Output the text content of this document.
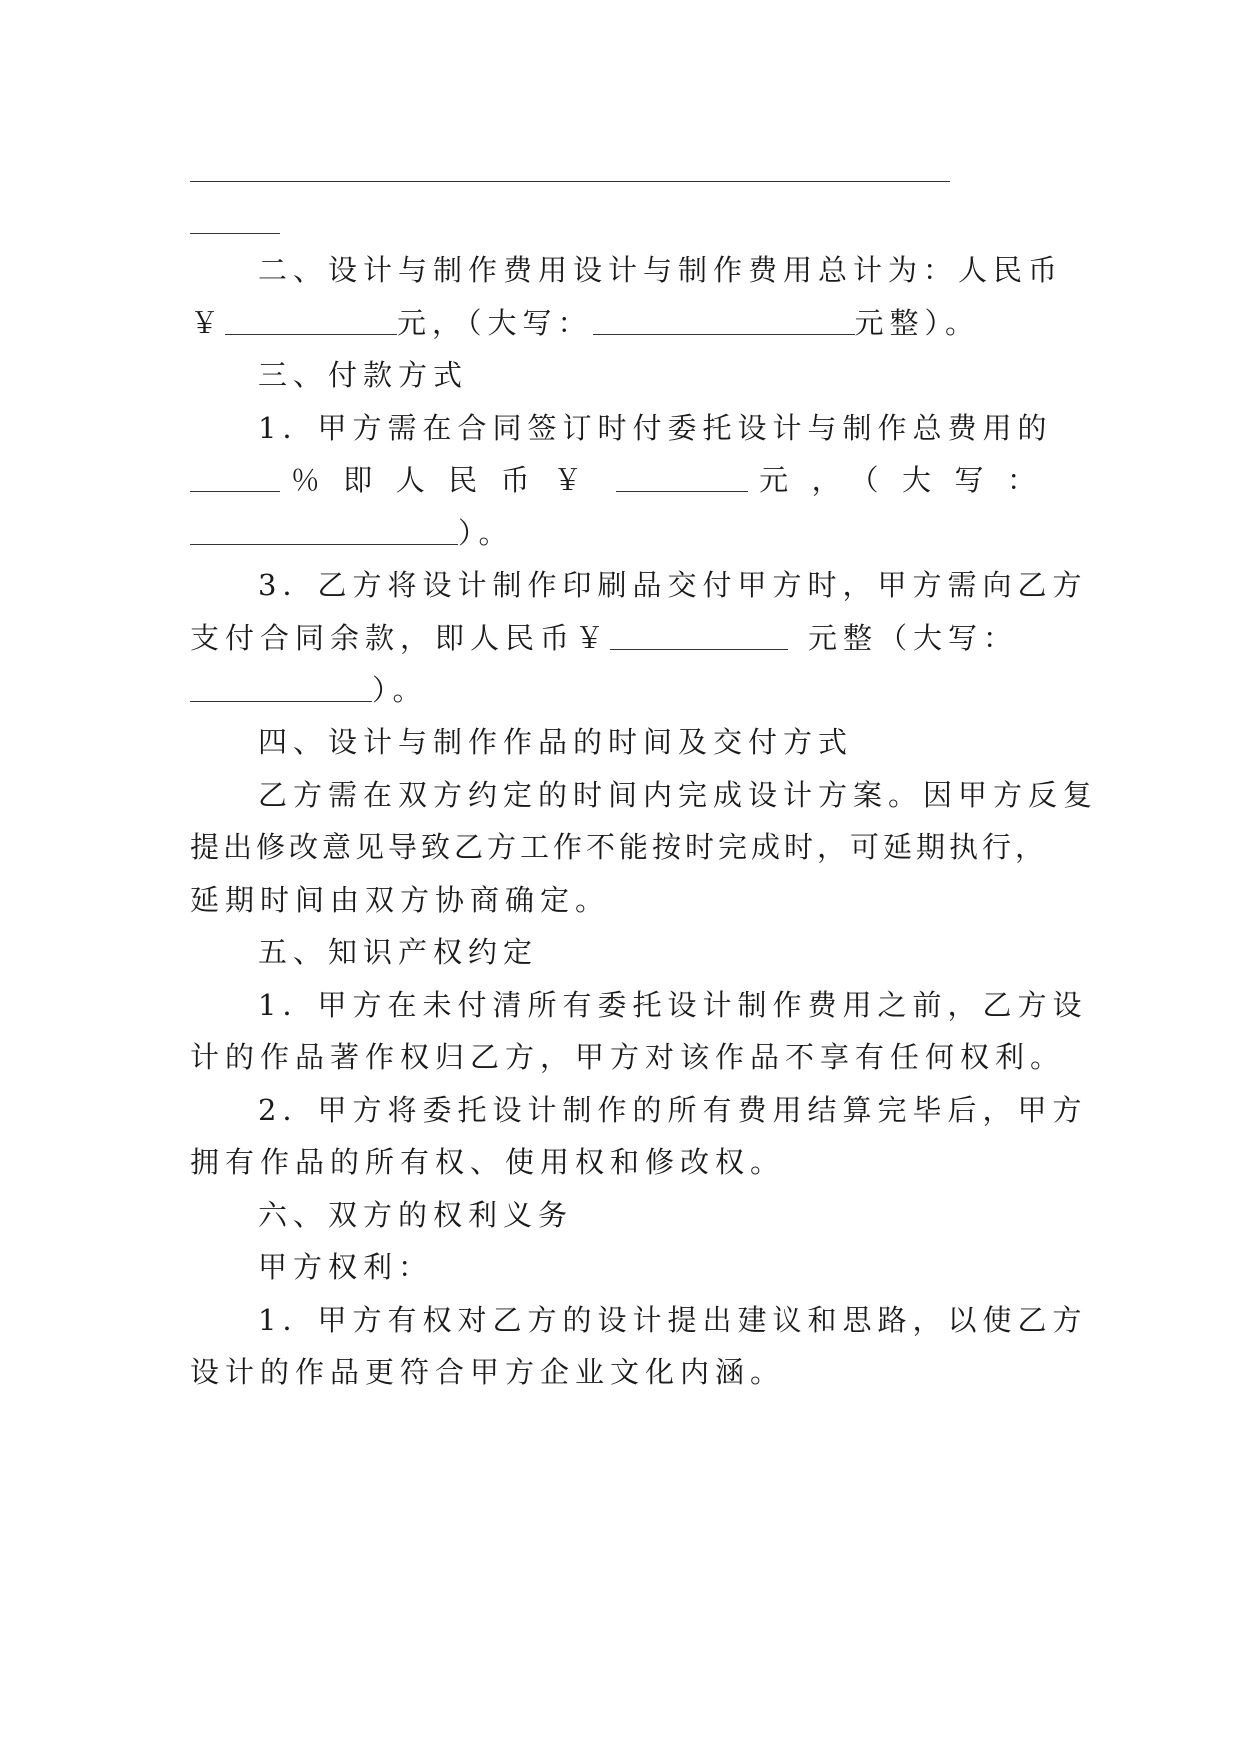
二、设计与制作费用设计与制作费用总计为：人民币
￥	元，（大写：	元整）。
三、付款方式
1．甲方需在合同签订时付委托设计与制作总费用的
％即人民币￥	元，（大写：
）。
3．乙方将设计制作印刷品交付甲方时，甲方需向乙方
支付合同余款，即人民币￥	元整（大写：
）。
四、设计与制作作品的时间及交付方式
乙方需在双方约定的时间内完成设计方案。因甲方反复
提出修改意见导致乙方工作不能按时完成时，可延期执行，
延期时间由双方协商确定。
五、知识产权约定
1．甲方在未付清所有委托设计制作费用之前，乙方设
计的作品著作权归乙方，甲方对该作品不享有任何权利。
2．甲方将委托设计制作的所有费用结算完毕后，甲方
拥有作品的所有权、使用权和修改权。
六、双方的权利义务
甲方权利：
1．甲方有权对乙方的设计提出建议和思路，以使乙方
设计的作品更符合甲方企业文化内涵。
